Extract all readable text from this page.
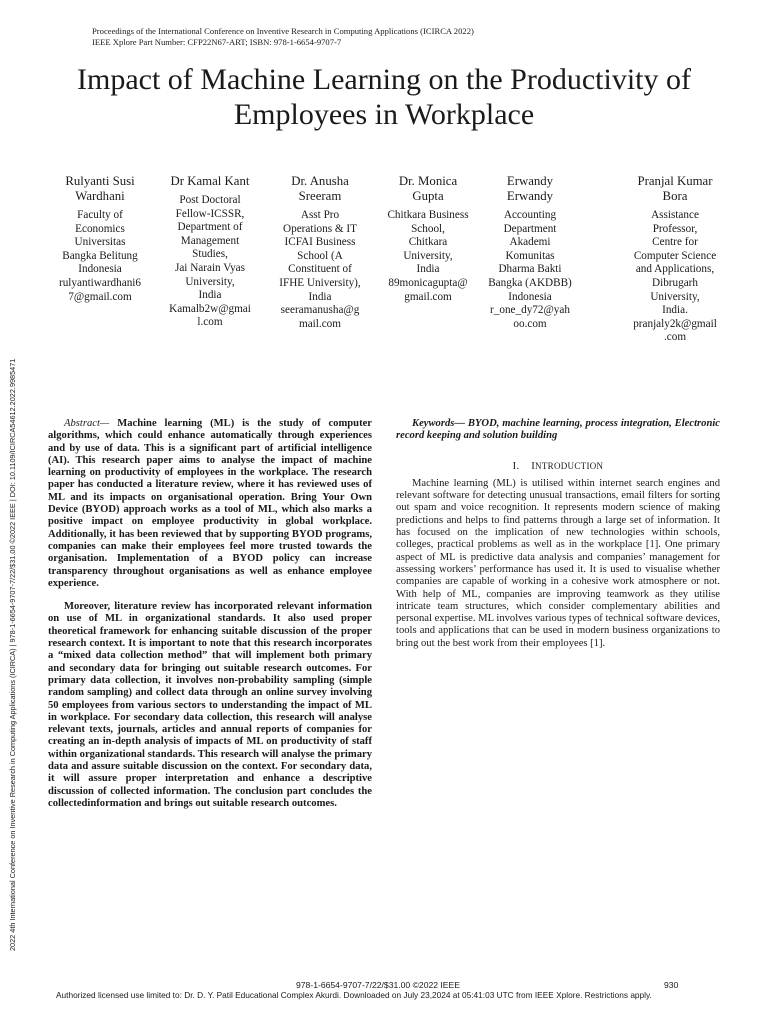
Proceedings of the International Conference on Inventive Research in Computing Applications (ICIRCA 2022)
IEEE Xplore Part Number: CFP22N67-ART; ISBN: 978-1-6654-9707-7
Impact of Machine Learning on the Productivity of
Employees in Workplace
Rulyanti Susi
Wardhani
Faculty of
Economics
Universitas
Bangka Belitung
Indonesia
rulyantiwardhani6
7@gmail.com
Dr Kamal Kant
Post Doctoral
Fellow-ICSSR,
Department of
Management
Studies,
Jai Narain Vyas
University,
India
Kamalb2w@gmai
l.com
Dr. Anusha
Sreeram
Asst Pro
Operations & IT
ICFAI Business
School (A
Constituent of
IFHE University),
India
seeramanusha@g
mail.com
Dr. Monica
Gupta
Chitkara Business
School,
Chitkara
University,
India
89monicagupta@
gmail.com
Erwandy
Erwandy
Accounting
Department
Akademi
Komunitas
Dharma Bakti
Bangka (AKDBB)
Indonesia
r_one_dy72@yah
oo.com
Pranjal Kumar
Bora
Assistance
Professor,
Centre for
Computer Science
and Applications,
Dibrugarh
University,
India.
pranjaly2k@gmail
.com
2022 4th International Conference on Inventive Research in Computing Applications (ICIRCA) | 978-1-6654-9707-7/22/$31.00 ©2022 IEEE | DOI: 10.1109/ICIRCA54612.2022.9985471	Abstract— Machine learning (ML) is the study of computer algorithms, which could enhance automatically through experiences and by use of data. This is a significant part of artificial intelligence (AI). This research paper aims to analyse the impact of machine learning on productivity of employees in the workplace. The research paper has conducted a literature review, where it has reviewed uses of ML and its impacts on organisational operation. Bring Your Own Device (BYOD) approach works as a tool of ML, which also marks a positive impact on employee productivity in global workplace. Additionally, it has been reviewed that by supporting BYOD programs, companies can make their employees feel more trusted towards the organisation. Implementation of a BYOD policy can increase transparency throughout organisations as well as enhance employee experience.

Moreover, literature review has incorporated relevant information on use of ML in organizational standards. It also used proper theoretical framework for enhancing suitable discussion of the proper research context. It is important to note that this research incorporates a “mixed data collection method” that will implement both primary and secondary data for bringing out suitable research outcomes. For primary data collection, it involves non-probability sampling (simple random sampling) and collect data through an online survey involving 50 employees from various sectors to understanding the impact of ML in workplace. For secondary data collection, this research will analyse relevant texts, journals, articles and annual reports of companies for creating an in-depth analysis of impacts of ML on productivity of staff within organizational standards. This research will analyse the primary data and assure suitable discussion on the context. For secondary data, it will assure proper interpretation and enhance a descriptive discussion of collected information. The conclusion part concludes the collectedinformation and brings out suitable research outcomes.

Keywords— BYOD, machine learning, process integration, Electronic record keeping and solution building

I. INTRODUCTION

Machine learning (ML) is utilised within internet search engines and relevant software for detecting unusual transactions, email filters for sorting out spam and voice recognition. It represents modern science of making predictions and helps to find patterns through a large set of information. It has focused on the implication of new technologies within schools, colleges, practical problems as well as in the workplace [1]. One primary aspect of ML is predictive data analysis and companies’ management for assessing workers’ performance has used it. It is used to visualise whether companies are capable of working in a cohesive work atmosphere or not. With help of ML, companies are improving teamwork as they utilise intricate team structures, which consider complementary abilities and personal expertise. ML involves various types of technical software devices, tools and applications that can be used in modern business organizations to bring out the best work from their employees [1].

978-1-6654-9707-7/22/$31.00 ©2022 IEEE	930
Authorized licensed use limited to: Dr. D. Y. Patil Educational Complex Akurdi. Downloaded on July 23,2024 at 05:41:03 UTC from IEEE Xplore. Restrictions apply.
